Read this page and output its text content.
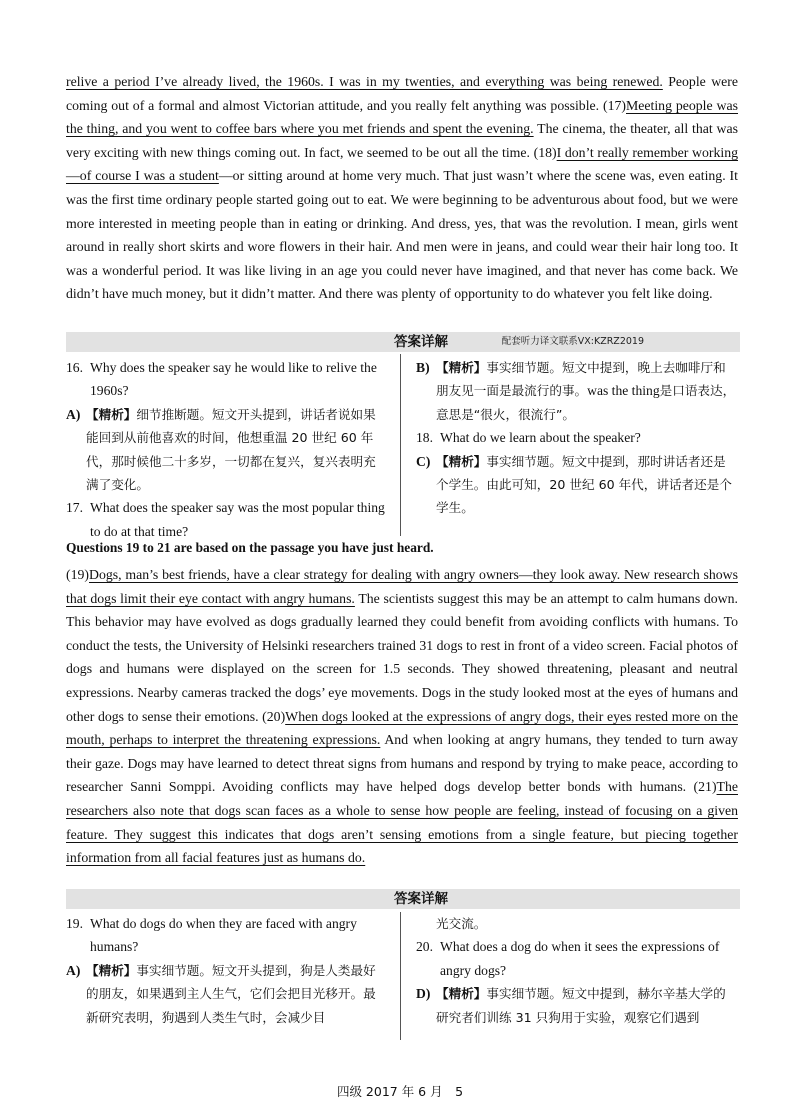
relive a period I’ve already lived, the 1960s. I was in my twenties, and everything was being renewed. People were coming out of a formal and almost Victorian attitude, and you really felt anything was possible. (17)Meeting people was the thing, and you went to coffee bars where you met friends and spent the evening. The cinema, the theater, all that was very exciting with new things coming out. In fact, we seemed to be out all the time. (18)I don’t really remember working—of course I was a student—or sitting around at home very much. That just wasn’t where the scene was, even eating. It was the first time ordinary people started going out to eat. We were beginning to be adventurous about food, but we were more interested in meeting people than in eating or drinking. And dress, yes, that was the revolution. I mean, girls went around in really short skirts and wore flowers in their hair. And men were in jeans, and could wear their hair long too. It was a wonderful period. It was like living in an age you could never have imagined, and that never has come back. We didn’t have much money, but it didn’t matter. And there was plenty of opportunity to do whatever you felt like doing.

答案详解	配套听力译文联系VX:KZRZ2019
16. Why does the speaker say he would like to relive the 1960s?
A) 【精析】细节推断题。短文开头提到，讲话者说如果能回到从前他喜欢的时间，他想重温 20 世纪 60 年代，那时候他二十多岁，一切都在复兴，复兴表明充满了变化。
17. What does the speaker say was the most popular thing to do at that time?
B) 【精析】事实细节题。短文中提到，晚上去咖啡厅和朋友见一面是最流行的事。was the thing是口语表达，意思是“很火，很流行”。
18. What do we learn about the speaker?
C) 【精析】事实细节题。短文中提到，那时讲话者还是个学生。由此可知，20 世纪 60 年代，讲话者还是个学生。
Questions 19 to 21 are based on the passage you have just heard.

(19)Dogs, man’s best friends, have a clear strategy for dealing with angry owners—they look away. New research shows that dogs limit their eye contact with angry humans. The scientists suggest this may be an attempt to calm humans down. This behavior may have evolved as dogs gradually learned they could benefit from avoiding conflicts with humans. To conduct the tests, the University of Helsinki researchers trained 31 dogs to rest in front of a video screen. Facial photos of dogs and humans were displayed on the screen for 1.5 seconds. They showed threatening, pleasant and neutral expressions. Nearby cameras tracked the dogs’ eye movements. Dogs in the study looked most at the eyes of humans and other dogs to sense their emotions. (20)When dogs looked at the expressions of angry dogs, their eyes rested more on the mouth, perhaps to interpret the threatening expressions. And when looking at angry humans, they tended to turn away their gaze. Dogs may have learned to detect threat signs from humans and respond by trying to make peace, according to researcher Sanni Somppi. Avoiding conflicts may have helped dogs develop better bonds with humans. (21)The researchers also note that dogs scan faces as a whole to sense how people are feeling, instead of focusing on a given feature. They suggest this indicates that dogs aren’t sensing emotions from a single feature, but piecing together information from all facial features just as humans do.

答案详解
19. What do dogs do when they are faced with angry humans?
A) 【精析】事实细节题。短文开头提到，狗是人类最好的朋友，如果遇到主人生气，它们会把目光移开。最新研究表明，狗遇到人类生气时，会减少目
光交流。
20. What does a dog do when it sees the expressions of angry dogs?
D) 【精析】事实细节题。短文中提到，赫尔辛基大学的研究者们训练 31 只狗用于实验，观察它们遇到
四级 2017 年 6 月　5
